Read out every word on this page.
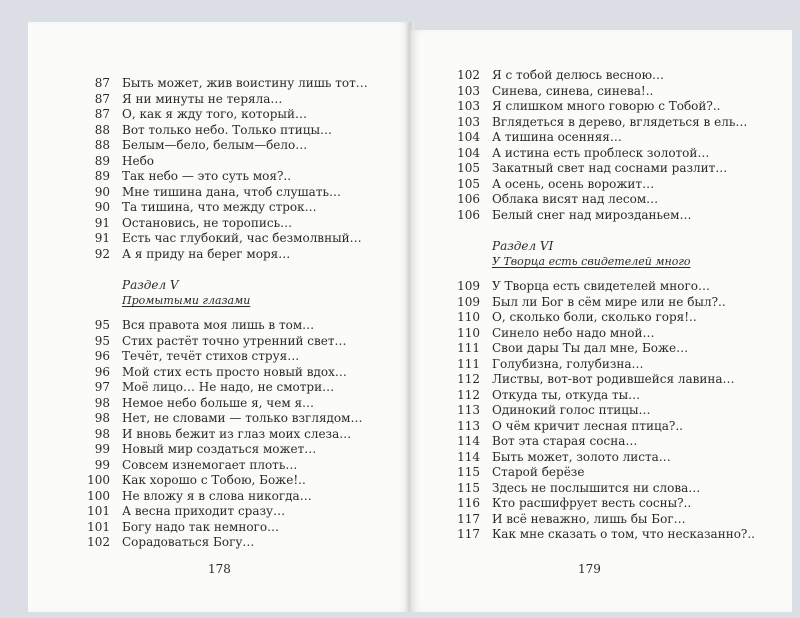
87	Быть может, жив воистину лишь тот…
87	Я ни минуты не теряла…
87	О, как я жду того, который…
88	Вот только небо. Только птицы…
88	Белым—бело, белым—бело…
89	Небо
89	Так небо — это суть моя?..
90	Мне тишина дана, чтоб слушать…
90	Та тишина, что между строк…
91	Остановись, не торопись…
91	Есть час глубокий, час безмолвный…
92	А я приду на берег моря…
Раздел V
Промытыми глазами
95	Вся правота моя лишь в том…
95	Стих растёт точно утренний свет…
96	Течёт, течёт стихов струя…
96	Мой стих есть просто новый вдох…
97	Моё лицо… Не надо, не смотри…
98	Немое небо больше я, чем я…
98	Нет, не словами — только взглядом…
98	И вновь бежит из глаз моих слеза…
99	Новый мир создаться может…
99	Совсем изнемогает плоть…
100	Как хорошо с Тобою, Боже!..
100	Не вложу я в слова никогда…
101	А весна приходит сразу…
101	Богу надо так немного…
102	Сорадоваться Богу…
178
102	Я с тобой делюсь весною…
103	Синева, синева, синева!..
103	Я слишком много говорю с Тобой?..
103	Вглядеться в дерево, вглядеться в ель…
104	А тишина осенняя…
104	А истина есть проблеск золотой…
105	Закатный свет над соснами разлит…
105	А осень, осень ворожит…
106	Облака висят над лесом…
106	Белый снег над мирозданьем…
Раздел VI
У Творца есть свидетелей много
109	У Творца есть свидетелей много…
109	Был ли Бог в сём мире или не был?..
110	О, сколько боли, сколько горя!..
110	Синело небо надо мной…
111	Свои дары Ты дал мне, Боже…
111	Голубизна, голубизна…
112	Листвы, вот-вот родившейся лавина…
112	Откуда ты, откуда ты…
113	Одинокий голос птицы…
113	О чём кричит лесная птица?..
114	Вот эта старая сосна…
114	Быть может, золото листа…
115	Старой берёзе
115	Здесь не послышится ни слова…
116	Кто расшифрует весть сосны?..
117	И всё неважно, лишь бы Бог…
117	Как мне сказать о том, что несказанно?..
179
